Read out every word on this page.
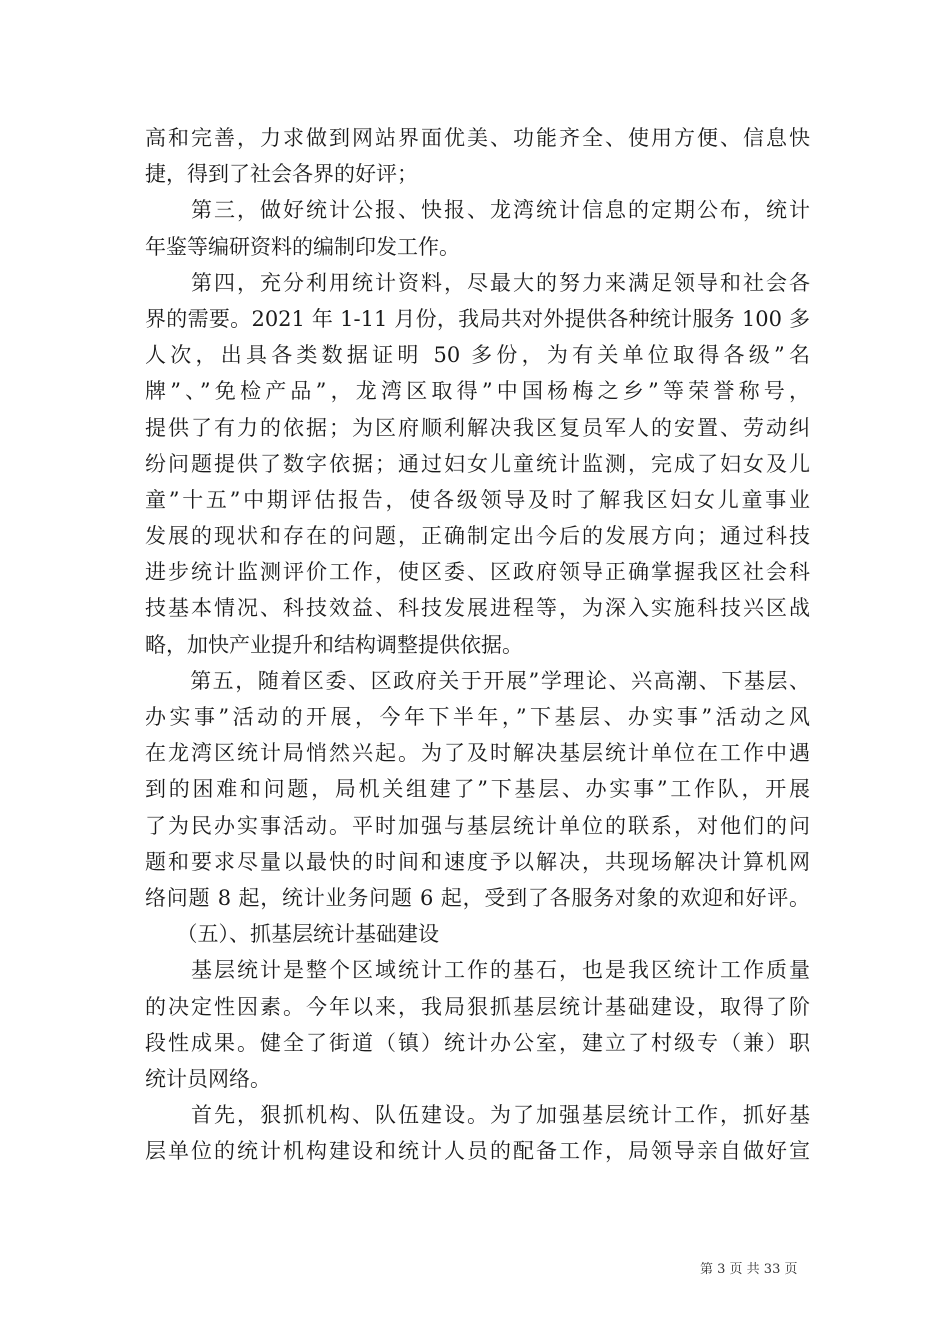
高和完善，力求做到网站界面优美、功能齐全、使用方便、信息快
捷，得到了社会各界的好评；
　　第三，做好统计公报、快报、龙湾统计信息的定期公布，统计
年鉴等编研资料的编制印发工作。
　　第四，充分利用统计资料，尽最大的努力来满足领导和社会各
界的需要。2021 年 1-11 月份，我局共对外提供各种统计服务 100 多
人次，出具各类数据证明 50 多份，为有关单位取得各级”名
牌”、”免检产品”，龙湾区取得”中国杨梅之乡”等荣誉称号，
提供了有力的依据；为区府顺利解决我区复员军人的安置、劳动纠
纷问题提供了数字依据；通过妇女儿童统计监测，完成了妇女及儿
童”十五”中期评估报告，使各级领导及时了解我区妇女儿童事业
发展的现状和存在的问题，正确制定出今后的发展方向；通过科技
进步统计监测评价工作，使区委、区政府领导正确掌握我区社会科
技基本情况、科技效益、科技发展进程等，为深入实施科技兴区战
略，加快产业提升和结构调整提供依据。
　　第五，随着区委、区政府关于开展”学理论、兴高潮、下基层、
办实事”活动的开展，今年下半年，”下基层、办实事”活动之风
在龙湾区统计局悄然兴起。为了及时解决基层统计单位在工作中遇
到的困难和问题，局机关组建了”下基层、办实事”工作队，开展
了为民办实事活动。平时加强与基层统计单位的联系，对他们的问
题和要求尽量以最快的时间和速度予以解决，共现场解决计算机网
络问题 8 起，统计业务问题 6 起，受到了各服务对象的欢迎和好评。
　　（五）、抓基层统计基础建设
　　基层统计是整个区域统计工作的基石，也是我区统计工作质量
的决定性因素。今年以来，我局狠抓基层统计基础建设，取得了阶
段性成果。健全了街道（镇）统计办公室，建立了村级专（兼）职
统计员网络。
　　首先，狠抓机构、队伍建设。为了加强基层统计工作，抓好基
层单位的统计机构建设和统计人员的配备工作，局领导亲自做好宣
第 3 页 共 33 页
